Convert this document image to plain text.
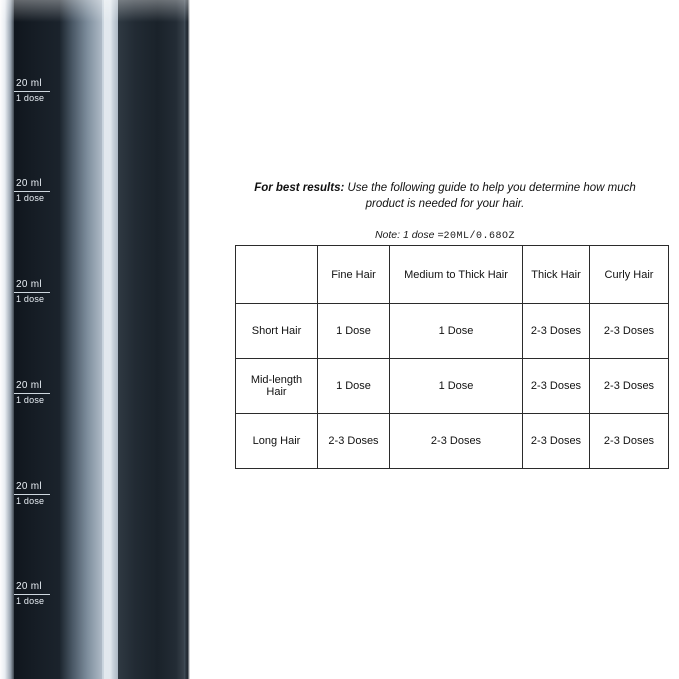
20 ml
1 dose
20 ml
1 dose
20 ml
1 dose
20 ml
1 dose
20 ml
1 dose
20 ml
1 dose

For best results: Use the following guide to help you determine how much product is needed for your hair.

Note: 1 dose =20ML/0.68OZ

	Fine Hair	Medium to Thick Hair	Thick Hair	Curly Hair
Short Hair	1 Dose	1 Dose	2-3 Doses	2-3 Doses
Mid-length Hair	1 Dose	1 Dose	2-3 Doses	2-3 Doses
Long Hair	2-3 Doses	2-3 Doses	2-3 Doses	2-3 Doses
